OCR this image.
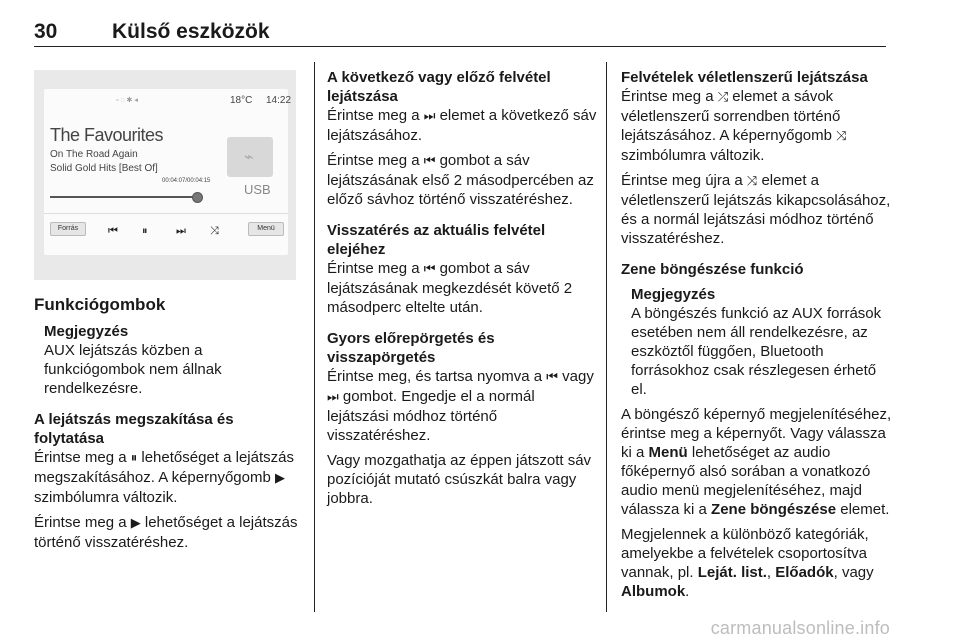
30	Külső eszközök
▫ ◌ ✱ ◂	18°C 14:22
The Favourites
On The Road Again
Solid Gold Hits [Best Of]
00:04:07/00:04:15
⌁
USB
Forrás	⏮ ⏸	⏭ ⤨	Menü

Funkciógombok

Megjegyzés

AUX lejátszás közben a funkciógombok nem állnak rendelkezésre.

A lejátszás megszakítása és folytatása

Érintse meg a ⏸ lehetőséget a lejátszás megszakításához. A képernyőgomb ▶ szimbólumra változik.

Érintse meg a ▶ lehetőséget a lejátszás történő visszatéréshez.

A következő vagy előző felvétel lejátszása

Érintse meg a ⏭ elemet a következő sáv lejátszásához.

Érintse meg a ⏮ gombot a sáv lejátszásának első 2 másodpercében az előző sávhoz történő visszatéréshez.

Visszatérés az aktuális felvétel elejéhez

Érintse meg a ⏮ gombot a sáv lejátszásának megkezdését követő 2 másodperc eltelte után.

Gyors előrepörgetés és visszapörgetés

Érintse meg, és tartsa nyomva a ⏮ vagy ⏭ gombot. Engedje el a normál lejátszási módhoz történő visszatéréshez.

Vagy mozgathatja az éppen játszott sáv pozícióját mutató csúszkát balra vagy jobbra.

Felvételek véletlenszerű lejátszása

Érintse meg a ⤮ elemet a sávok véletlenszerű sorrendben történő lejátszásához. A képernyőgomb ⤨ szimbólumra változik.

Érintse meg újra a ⤨ elemet a véletlenszerű lejátszás kikapcsolásához, és a normál lejátszási módhoz történő visszatéréshez.

Zene böngészése funkció

Megjegyzés

A böngészés funkció az AUX források esetében nem áll rendelkezésre, az eszköztől függően, Bluetooth forrásokhoz csak részlegesen érhető el.

A böngésző képernyő megjelenítéséhez, érintse meg a képernyőt. Vagy válassza ki a Menü lehetőséget az audio főképernyő alsó sorában a vonatkozó audio menü megjelenítéséhez, majd válassza ki a Zene böngészése elemet.

Megjelennek a különböző kategóriák, amelyekbe a felvételek csoportosítva vannak, pl. Leját. list., Előadók, vagy Albumok.

carmanualsonline.info
